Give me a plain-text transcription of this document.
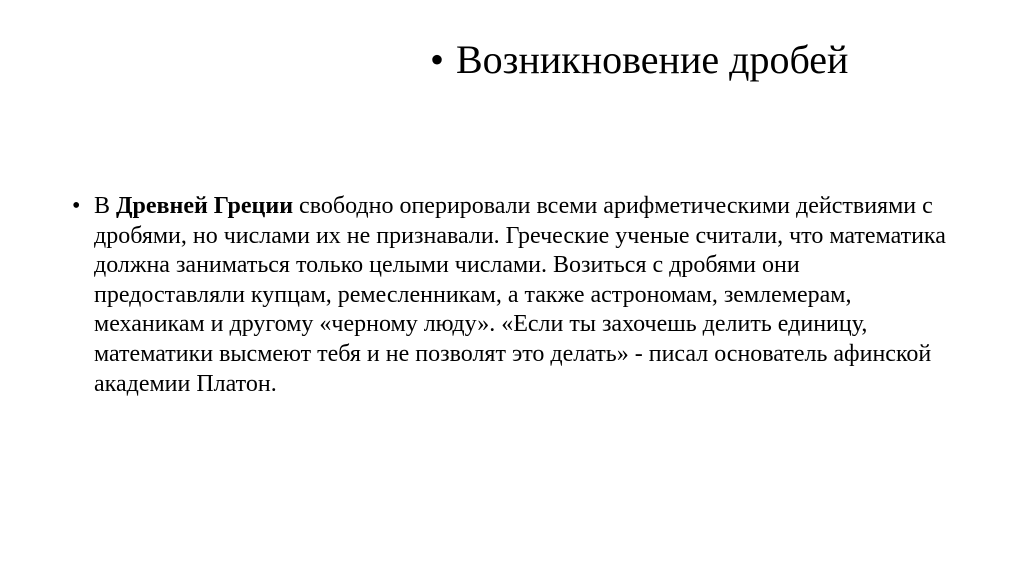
• Возникновение дробей
• В Древней Греции свободно оперировали всеми арифметическими действиями с дробями, но числами их не признавали. Греческие ученые считали, что математика должна заниматься только целыми числами. Возиться с дробями они предоставляли купцам, ремесленникам, а также астрономам, землемерам, механикам и другому «черному люду». «Если ты захочешь делить единицу, математики высмеют тебя и не позволят это делать» - писал основатель афинской академии Платон.
